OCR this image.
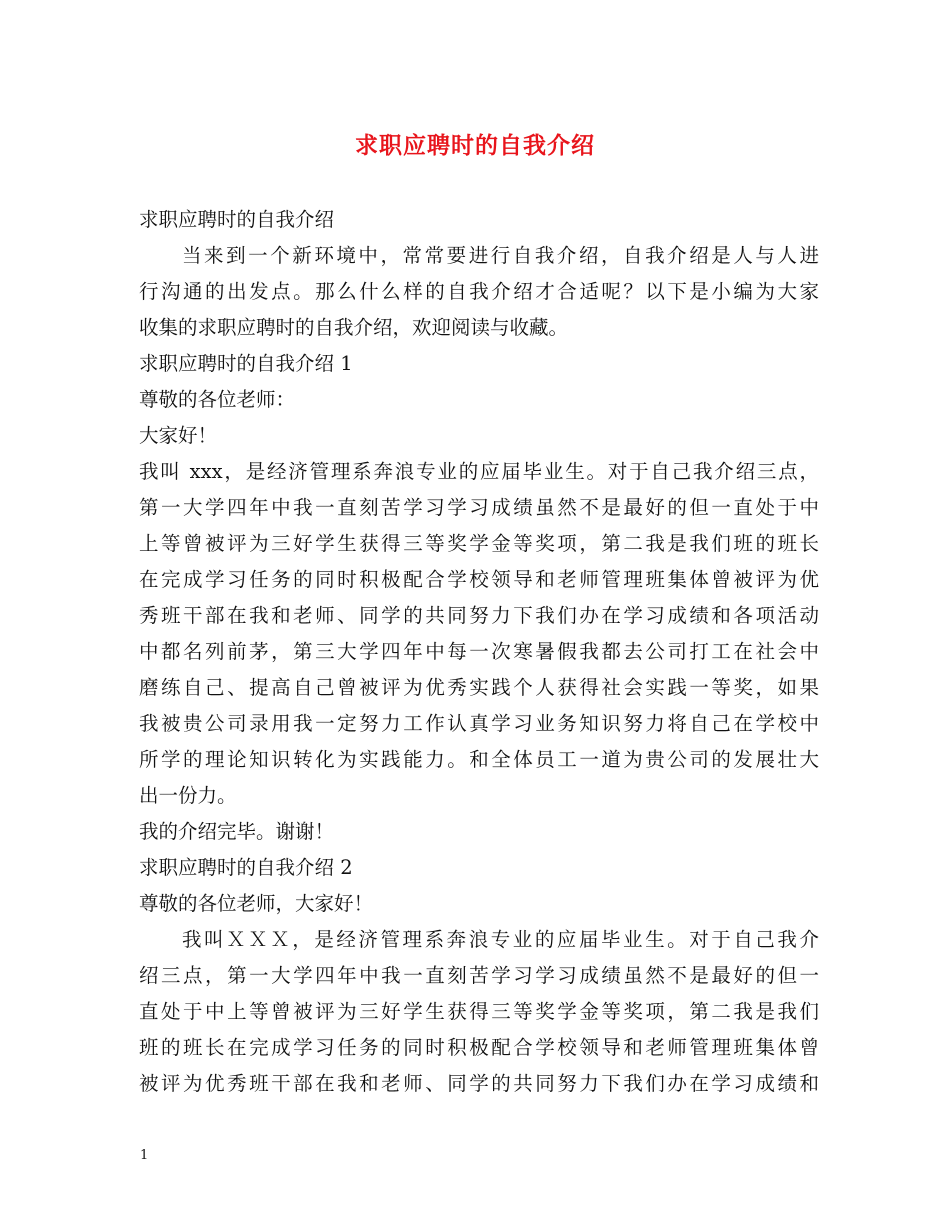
求职应聘时的自我介绍
求职应聘时的自我介绍
当来到一个新环境中，常常要进行自我介绍，自我介绍是人与人进
行沟通的出发点。那么什么样的自我介绍才合适呢？以下是小编为大家
收集的求职应聘时的自我介绍，欢迎阅读与收藏。
求职应聘时的自我介绍 1
尊敬的各位老师：
大家好！
我叫 xxx，是经济管理系奔浪专业的应届毕业生。对于自己我介绍三点，
第一大学四年中我一直刻苦学习学习成绩虽然不是最好的但一直处于中
上等曾被评为三好学生获得三等奖学金等奖项，第二我是我们班的班长
在完成学习任务的同时积极配合学校领导和老师管理班集体曾被评为优
秀班干部在我和老师、同学的共同努力下我们办在学习成绩和各项活动
中都名列前茅，第三大学四年中每一次寒暑假我都去公司打工在社会中
磨练自己、提高自己曾被评为优秀实践个人获得社会实践一等奖，如果
我被贵公司录用我一定努力工作认真学习业务知识努力将自己在学校中
所学的理论知识转化为实践能力。和全体员工一道为贵公司的发展壮大
出一份力。
我的介绍完毕。谢谢！
求职应聘时的自我介绍 2
尊敬的各位老师，大家好！
我叫ＸＸＸ，是经济管理系奔浪专业的应届毕业生。对于自己我介
绍三点，第一大学四年中我一直刻苦学习学习成绩虽然不是最好的但一
直处于中上等曾被评为三好学生获得三等奖学金等奖项，第二我是我们
班的班长在完成学习任务的同时积极配合学校领导和老师管理班集体曾
被评为优秀班干部在我和老师、同学的共同努力下我们办在学习成绩和
1
